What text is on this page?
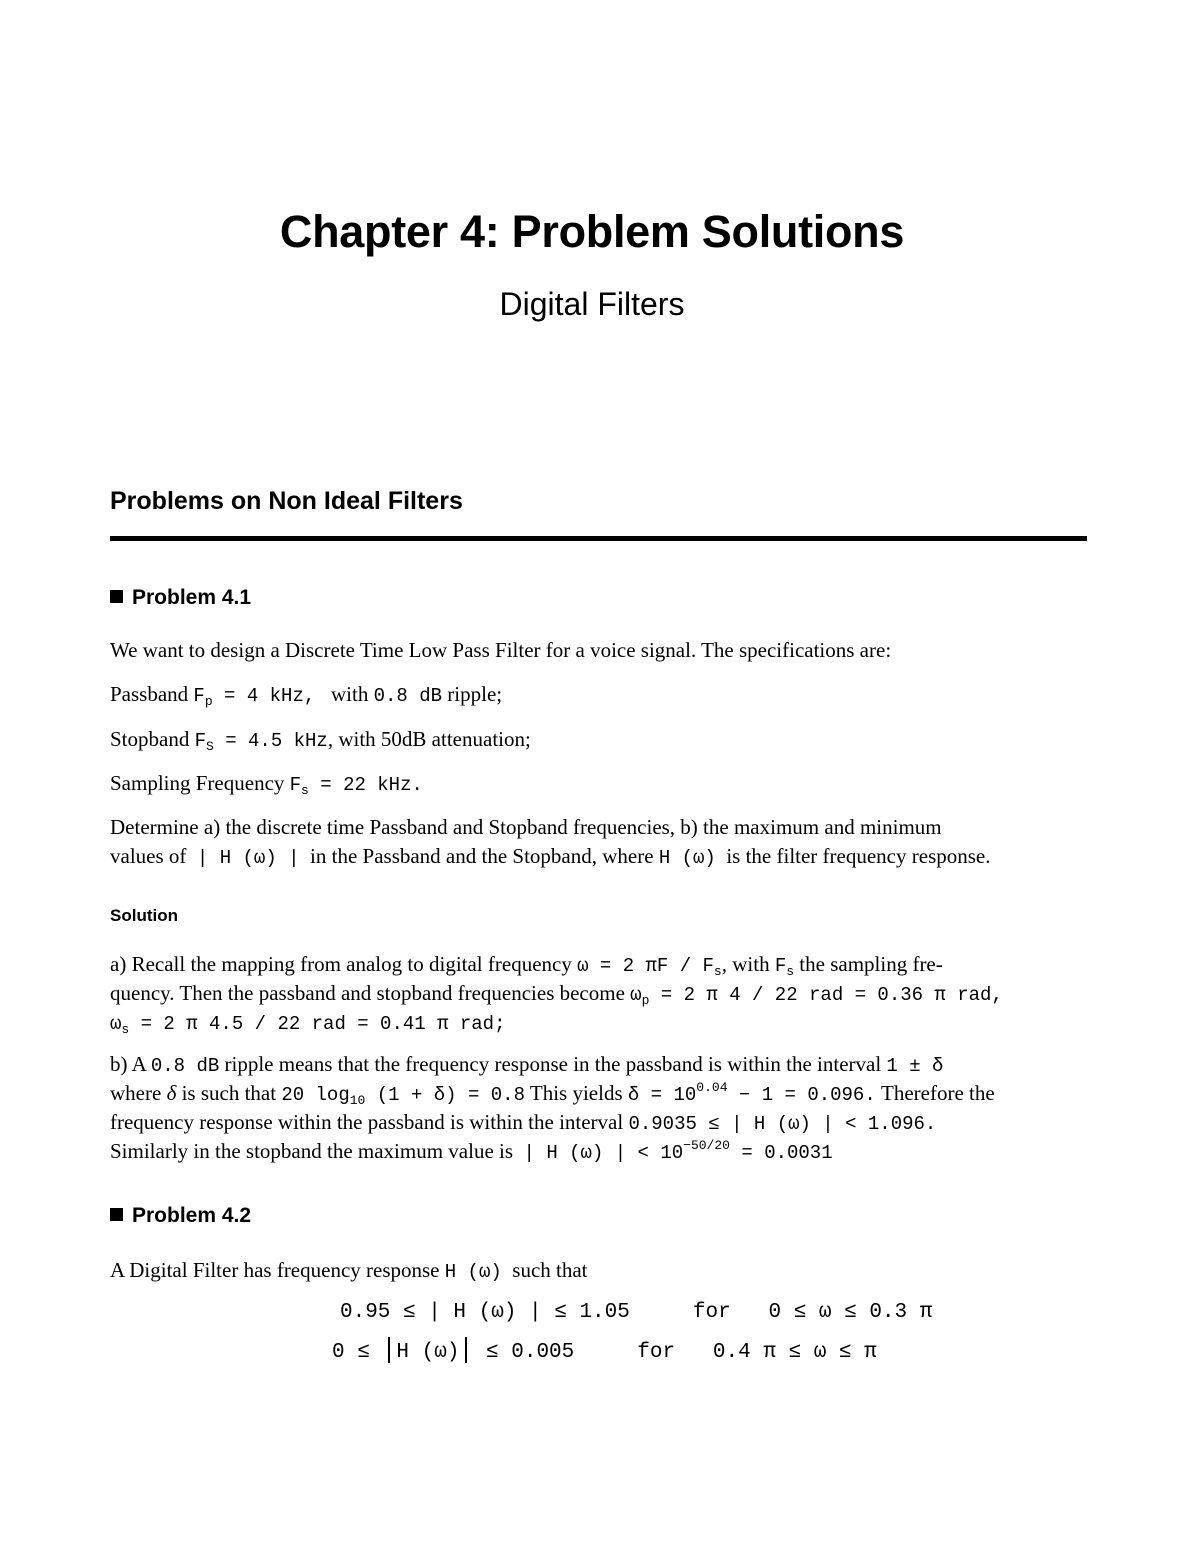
Chapter 4: Problem Solutions
Digital Filters
Problems on Non Ideal Filters
Problem 4.1
We want to design a Discrete Time Low Pass Filter for a voice signal. The specifications are:
Passband $F_p = 4$ kHz, with 0.8 dB ripple;
Stopband $F_S = 4.5$ kHz, with 50dB attenuation;
Sampling Frequency $F_s = 22$ kHz.
Determine a) the discrete time Passband and Stopband frequencies, b) the maximum and minimum
values of | H (ω) | in the Passband and the Stopband, where H (ω) is the filter frequency response.
Solution
a) Recall the mapping from analog to digital frequency ω = 2 πF / $F_s$, with $F_s$ the sampling fre-
quency. Then the passband and stopband frequencies become $\omega_p = 2$ π 4 / 22 rad = 0.36 π rad,
$\omega_s = 2$ π 4.5 / 22 rad = 0.41 π rad;
b) A 0.8 dB ripple means that the frequency response in the passband is within the interval 1 ± δ
where δ is such that 20 $\log_{10} (1 + \delta) = 0.8$ This yields $\delta = 10^{0.04} - 1 = 0.096$. Therefore the
frequency response within the passband is within the interval 0.9035 ≤ | H (ω) | < 1.096.
Similarly in the stopband the maximum value is | H (ω) | < $10^{-50/20} = 0.0031$
Problem 4.2
A Digital Filter has frequency response H (ω) such that
0.95 ≤ | H (ω) | ≤ 1.05	for 0 ≤ ω ≤ 0.3 π
0 ≤ H (ω) ≤ 0.005	for 0.4 π ≤ ω ≤ π
